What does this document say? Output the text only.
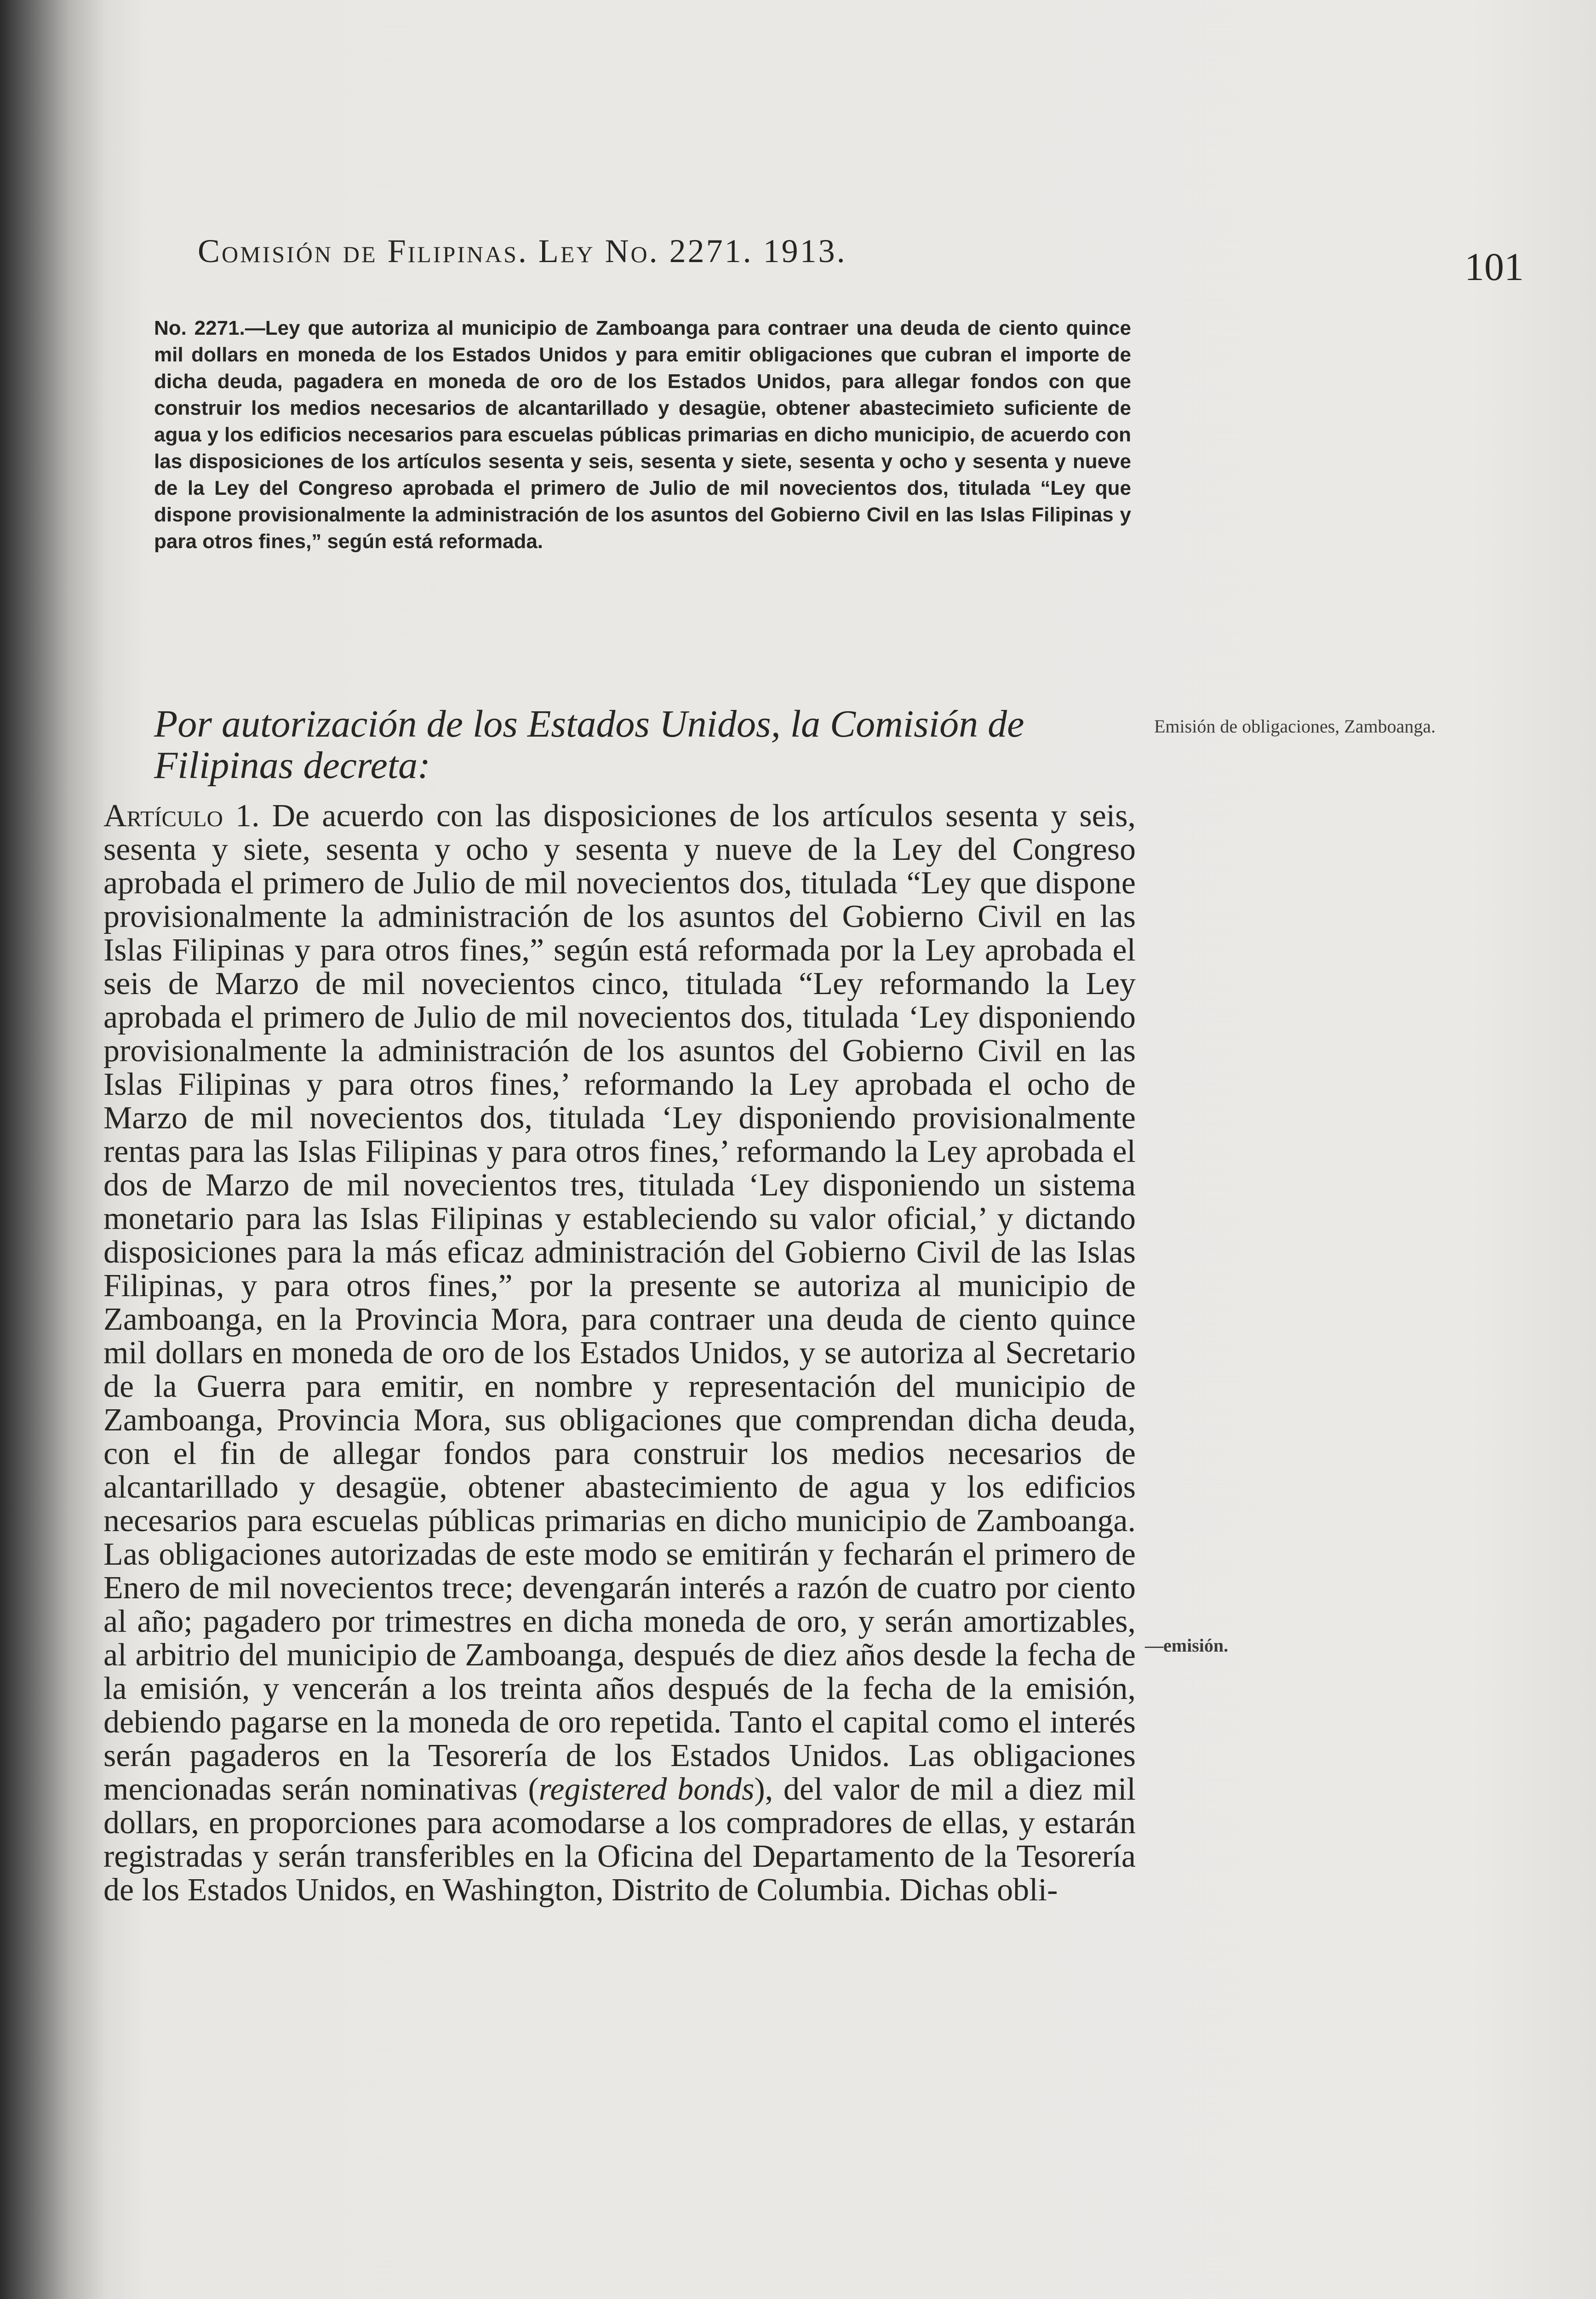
Comisión de Filipinas. Ley No. 2271. 1913.	101
No. 2271.—Ley que autoriza al municipio de Zamboanga para contraer una deuda de ciento quince mil dollars en moneda de los Estados Unidos y para emitir obligaciones que cubran el importe de dicha deuda, pagadera en moneda de oro de los Estados Unidos, para allegar fondos con que construir los medios necesarios de alcantarillado y desagüe, obtener abastecimieto suficiente de agua y los edificios necesarios para escuelas públicas primarias en dicho municipio, de acuerdo con las disposiciones de los artículos sesenta y seis, sesenta y siete, sesenta y ocho y sesenta y nueve de la Ley del Congreso aprobada el primero de Julio de mil novecientos dos, titulada “Ley que dispone provisionalmente la administración de los asuntos del Gobierno Civil en las Islas Filipinas y para otros fines,” según está reformada.
Por autorización de los Estados Unidos, la Comisión de Filipinas decreta:
Emisión de obligaciones, Zamboanga.
Artículo 1. De acuerdo con las disposiciones de los artículos sesenta y seis, sesenta y siete, sesenta y ocho y sesenta y nueve de la Ley del Congreso aprobada el primero de Julio de mil novecientos dos, titulada “Ley que dispone provisionalmente la administración de los asuntos del Gobierno Civil en las Islas Filipinas y para otros fines,” según está reformada por la Ley aprobada el seis de Marzo de mil novecientos cinco, titulada “Ley reformando la Ley aprobada el primero de Julio de mil novecientos dos, titulada ‘Ley disponiendo provisionalmente la administración de los asuntos del Gobierno Civil en las Islas Filipinas y para otros fines,’ reformando la Ley aprobada el ocho de Marzo de mil novecientos dos, titulada ‘Ley disponiendo provisionalmente rentas para las Islas Filipinas y para otros fines,’ reformando la Ley aprobada el dos de Marzo de mil novecientos tres, titulada ‘Ley disponiendo un sistema monetario para las Islas Filipinas y estableciendo su valor oficial,’ y dictando disposiciones para la más eficaz administración del Gobierno Civil de las Islas Filipinas, y para otros fines,” por la presente se autoriza al municipio de Zamboanga, en la Provincia Mora, para contraer una deuda de ciento quince mil dollars en moneda de oro de los Estados Unidos, y se autoriza al Secretario de la Guerra para emitir, en nombre y representación del municipio de Zamboanga, Provincia Mora, sus obligaciones que comprendan dicha deuda, con el fin de allegar fondos para construir los medios necesarios de alcantarillado y desagüe, obtener abastecimiento de agua y los edificios necesarios para escuelas públicas primarias en dicho municipio de Zamboanga. Las obligaciones autorizadas de este modo se emitirán y fecharán el primero de Enero de mil novecientos trece; devengarán interés a razón de cuatro por ciento al año; pagadero por trimestres en dicha moneda de oro, y serán amortizables, al arbitrio del municipio de Zamboanga, después de diez años desde la fecha de la emisión, y vencerán a los treinta años después de la fecha de la emisión, debiendo pagarse en la moneda de oro repetida. Tanto el capital como el interés serán pagaderos en la Tesorería de los Estados Unidos. Las obligaciones mencionadas serán nominativas (registered bonds), del valor de mil a diez mil dollars, en proporciones para acomodarse a los compradores de ellas, y estarán registradas y serán transferibles en la Oficina del Departamento de la Tesorería de los Estados Unidos, en Washington, Distrito de Columbia. Dichas obli-
—emisión.
